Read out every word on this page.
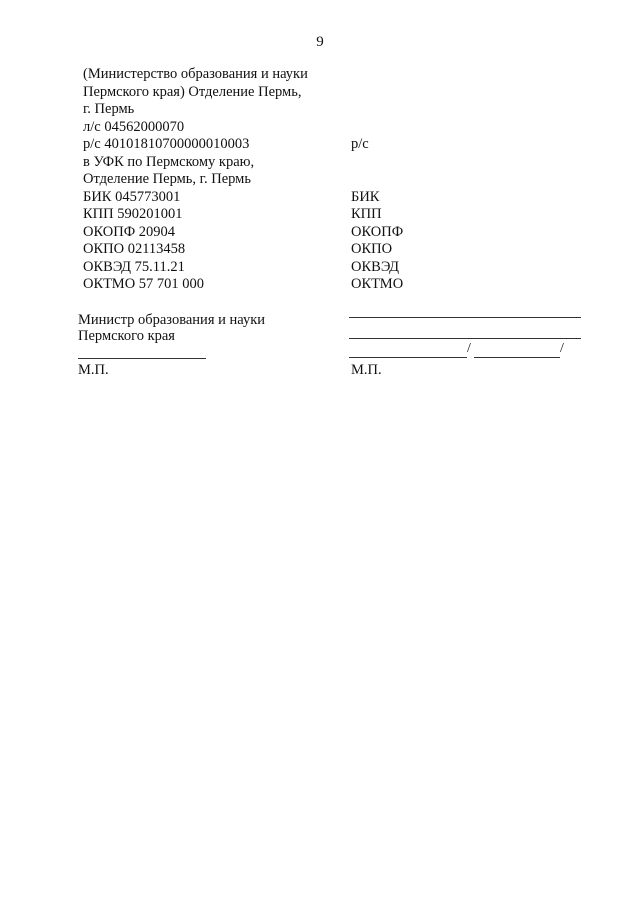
9
(Министерство образования и науки
Пермского края) Отделение Пермь,
г. Пермь
л/с 04562000070
р/с 40101810700000010003
в УФК по Пермскому краю,
Отделение Пермь, г. Пермь
БИК 045773001
КПП 590201001
ОКОПФ 20904
ОКПО 02113458
ОКВЭД 75.11.21
ОКТМО 57 701 000
р/с
БИК
КПП
ОКОПФ
ОКПО
ОКВЭД
ОКТМО
Министр образования и науки
Пермского края
М.П.
/	/
М.П.
